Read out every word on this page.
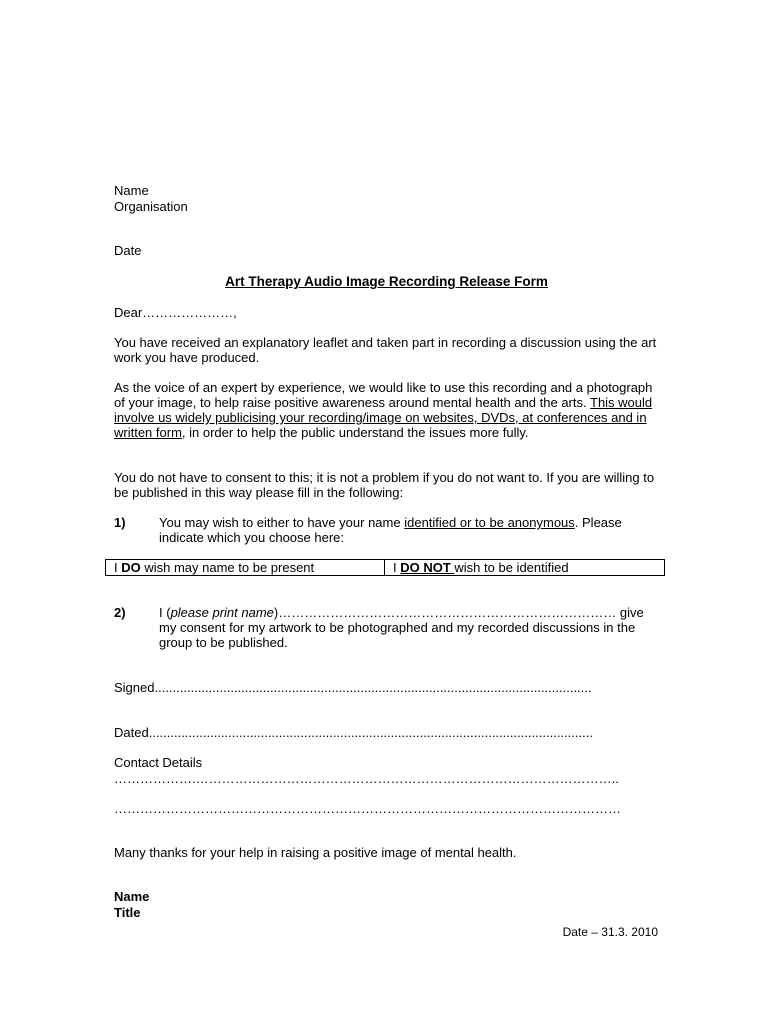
Name
Organisation
Date
Art Therapy Audio Image Recording Release Form
Dear…………………,
You have received an explanatory leaflet and taken part in recording a discussion using the art work you have produced.
As the voice of an expert by experience, we would like to use this recording and a photograph of your image, to help raise positive awareness around mental health and the arts. This would involve us widely publicising your recording/image on websites, DVDs, at conferences and in written form, in order to help the public understand the issues more fully.
You do not have to consent to this; it is not a problem if you do not want to. If you are willing to be published in this way please fill in the following:
1)	You may wish to either to have your name identified or to be anonymous. Please indicate which you choose here:
I DO wish may name to be present	I DO NOT wish to be identified
2)	I (please print name)…………………………………………………………………… give my consent for my artwork to be photographed and my recorded discussions in the group to be published.
Signed.........................................................................................................................
Dated...........................................................................................................................
Contact Details
……………….……………………………………………………………………………………..
………………………………………………………………………………………………………
Many thanks for your help in raising a positive image of mental health.
Name
Title
Date – 31.3. 2010
